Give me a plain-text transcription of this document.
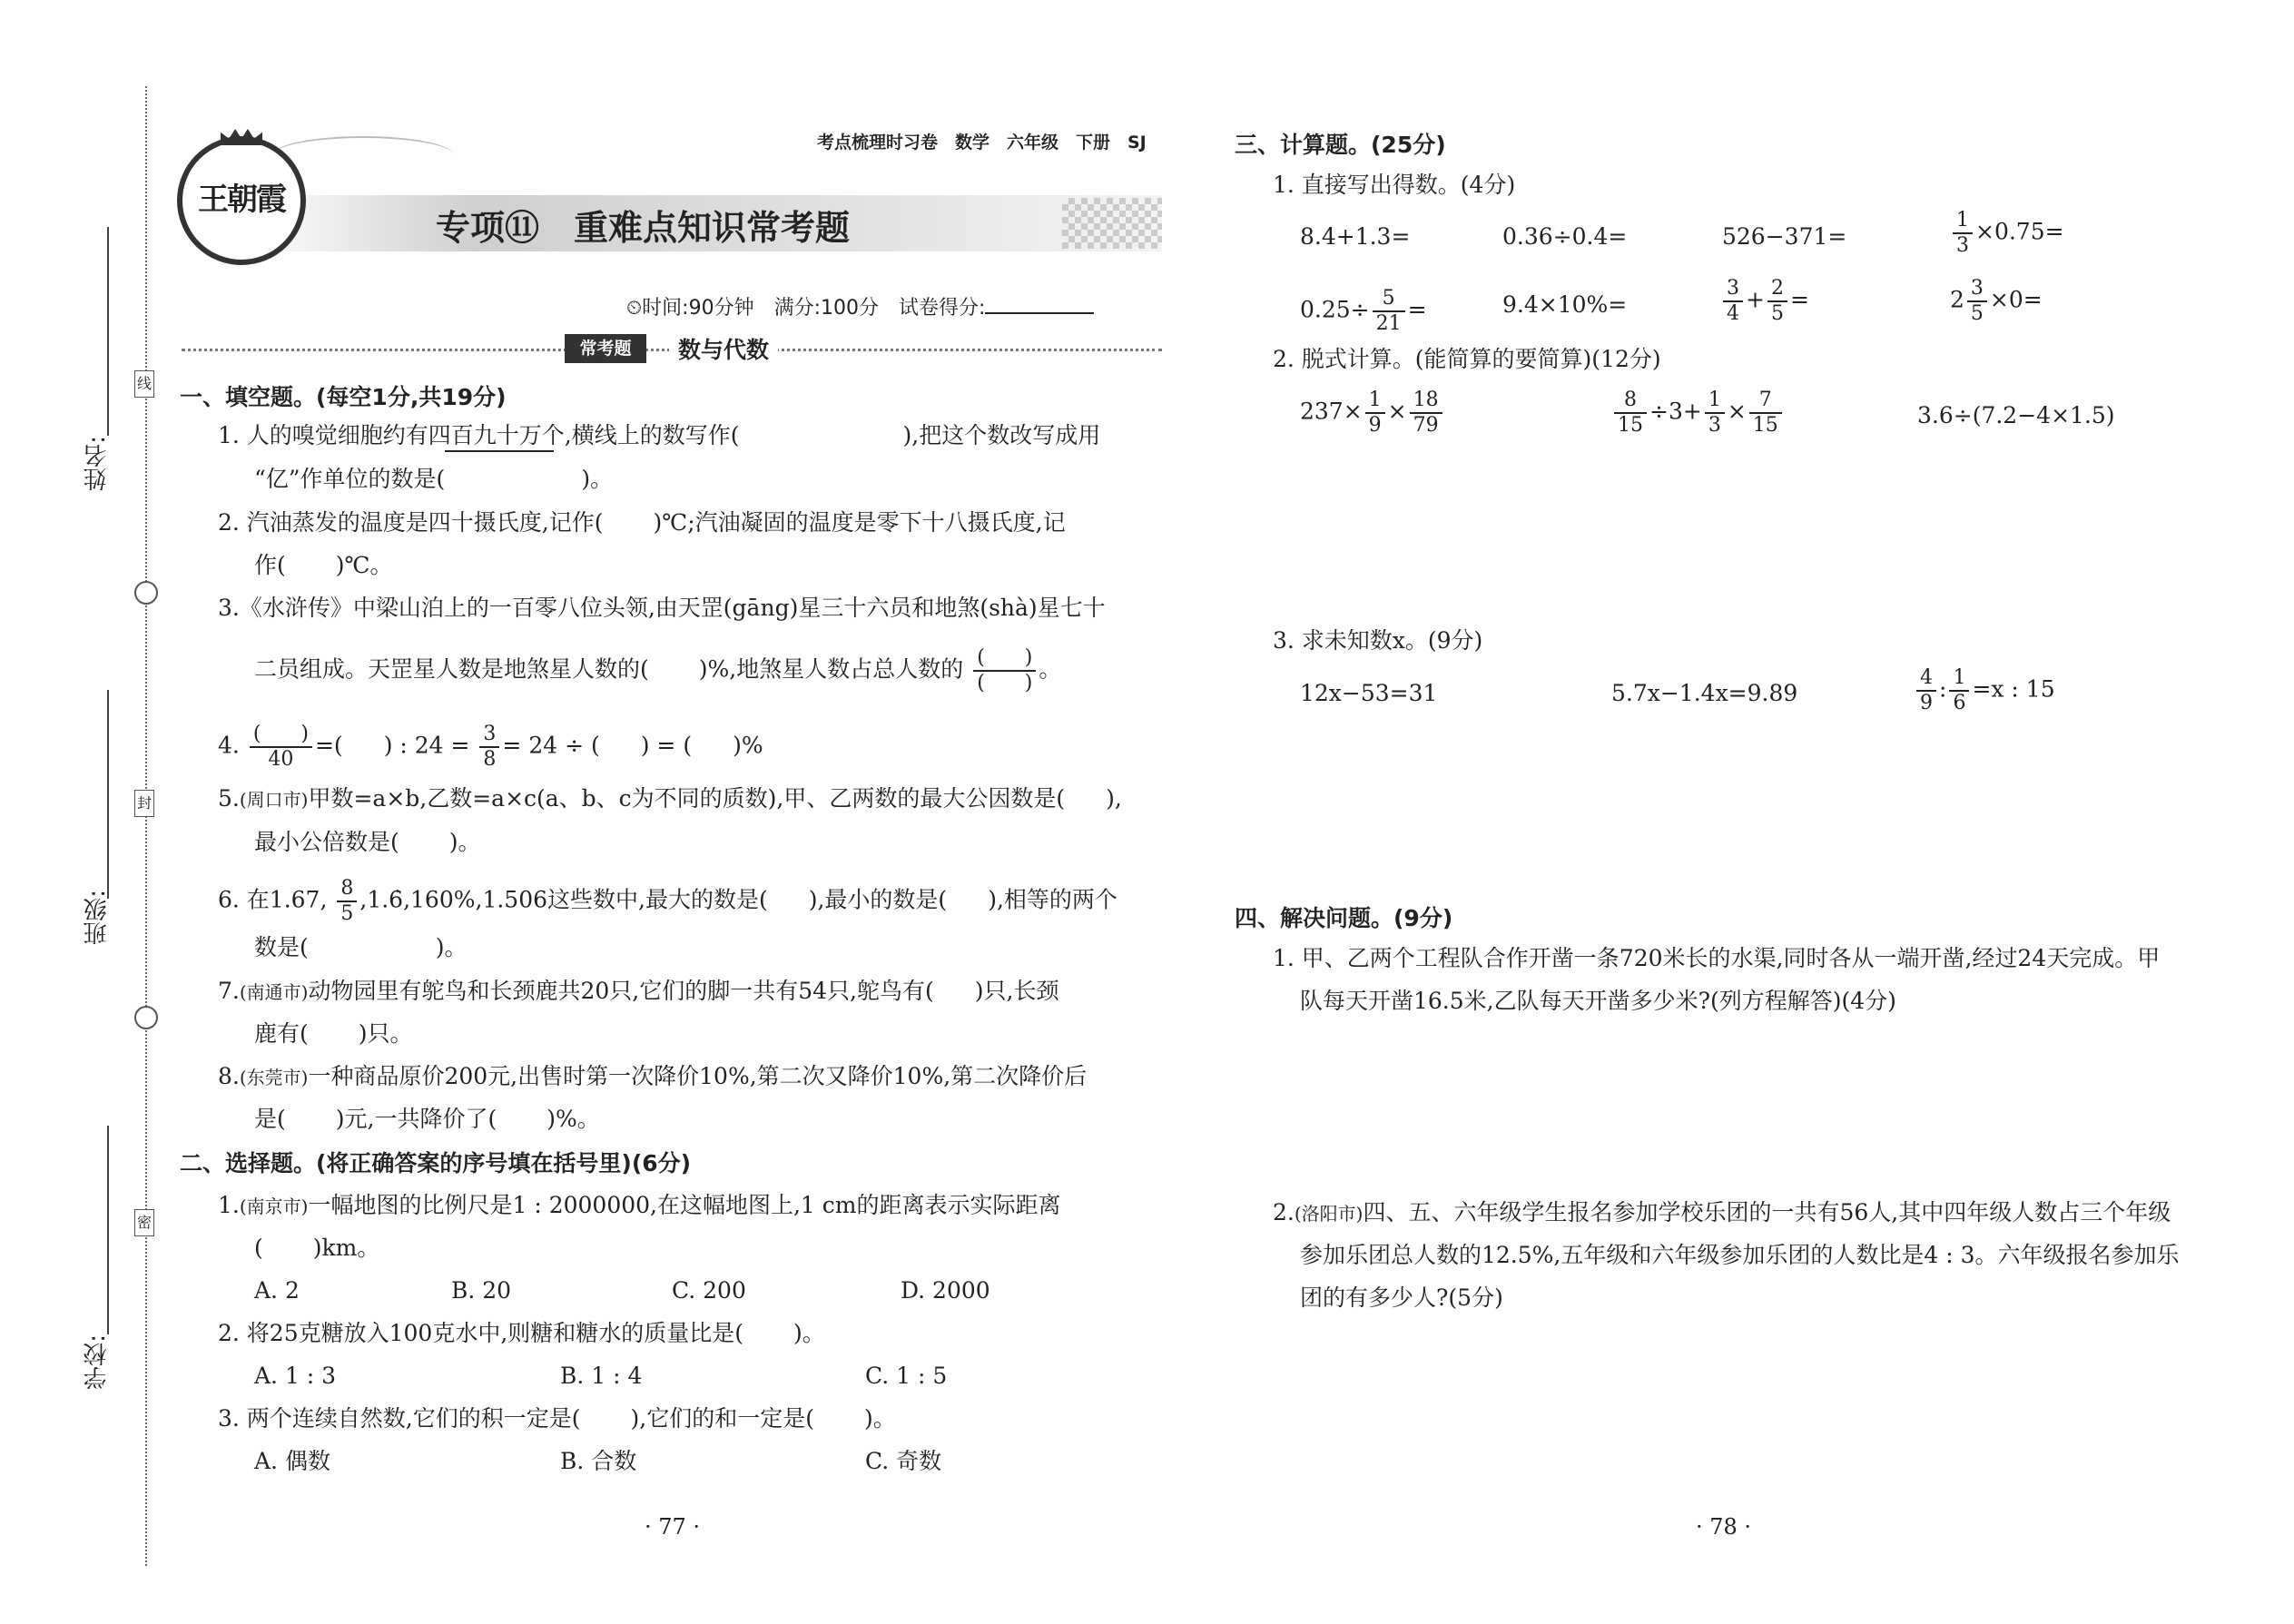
姓名:
班级:
学校:
线
封
密
考点梳理时习卷　数学　六年级　下册　SJ
王朝霞
专项⑪　重难点知识常考题
⏲时间:90分钟　满分:100分　试卷得分:
常考题	数与代数
一、填空题。(每空1分,共19分)
1. 人的嗅觉细胞约有四百九十万个,横线上的数写作(	),把这个数改写成用
“亿”作单位的数是(	)。
2. 汽油蒸发的温度是四十摄氏度,记作( )℃;汽油凝固的温度是零下十八摄氏度,记
作( )℃。
3.《水浒传》中梁山泊上的一百零八位头领,由天罡(gāng)星三十六员和地煞(shà)星七十
二员组成。天罡星人数是地煞星人数的( )%,地煞星人数占总人数的 $\frac{( )}{( )}$ 。
4. $\frac{( )}{40}$ =( ) : $24 = \frac{3}{8} = 24$ ÷ ( ) = ( )%
5.(周口市)甲数=a×b,乙数=a×c(a、b、c为不同的质数),甲、乙两数的最大公因数是( ),
最小公倍数是( )。
6. 在1.67, $\frac{8}{5}$ ,1.6̇,160%,1.506这些数中,最大的数是( ),最小的数是( ),相等的两个
数是(	)。
7.(南通市)动物园里有鸵鸟和长颈鹿共20只,它们的脚一共有54只,鸵鸟有( )只,长颈
鹿有( )只。
8.(东莞市)一种商品原价200元,出售时第一次降价10%,第二次又降价10%,第二次降价后
是( )元,一共降价了( )%。
二、选择题。(将正确答案的序号填在括号里)(6分)
1.(南京市)一幅地图的比例尺是1 : 2000000,在这幅地图上,1 cm的距离表示实际距离
( )km。
A. 2	B. 20	C. 200	D. 2000
2. 将25克糖放入100克水中,则糖和糖水的质量比是( )。
A. 1 : 3	B. 1 : 4	C. 1 : 5
3. 两个连续自然数,它们的积一定是( ),它们的和一定是( )。
A. 偶数	B. 合数	C. 奇数
· 77 ·
三、计算题。(25分)
1. 直接写出得数。(4分)
8.4+1.3=	0.36÷0.4=	526−371=	$\frac{1}{3} \times 0.75=$
$0.25\div \frac{5}{21}$ =	9.4×10%=	$\frac{3}{4} + \frac{2}{5}$ =	$2 \frac{3}{5} \times 0=$
2. 脱式计算。(能简算的要简算)(12分)
$237\times \frac{1}{9} \times \frac{18}{79}$	$\frac{8}{15} \div 3+ \frac{1}{3} \times \frac{7}{15}$	3.6÷(7.2−4×1.5)
3. 求未知数x。(9分)
12x−53=31	5.7x−1.4x=9.89	$\frac{4}{9}$ : $\frac{1}{6} =x$ : 15
四、解决问题。(9分)
1. 甲、乙两个工程队合作开凿一条720米长的水渠,同时各从一端开凿,经过24天完成。甲
队每天开凿16.5米,乙队每天开凿多少米?(列方程解答)(4分)
2.(洛阳市)四、五、六年级学生报名参加学校乐团的一共有56人,其中四年级人数占三个年级
参加乐团总人数的12.5%,五年级和六年级参加乐团的人数比是4 : 3。六年级报名参加乐
团的有多少人?(5分)
· 78 ·
